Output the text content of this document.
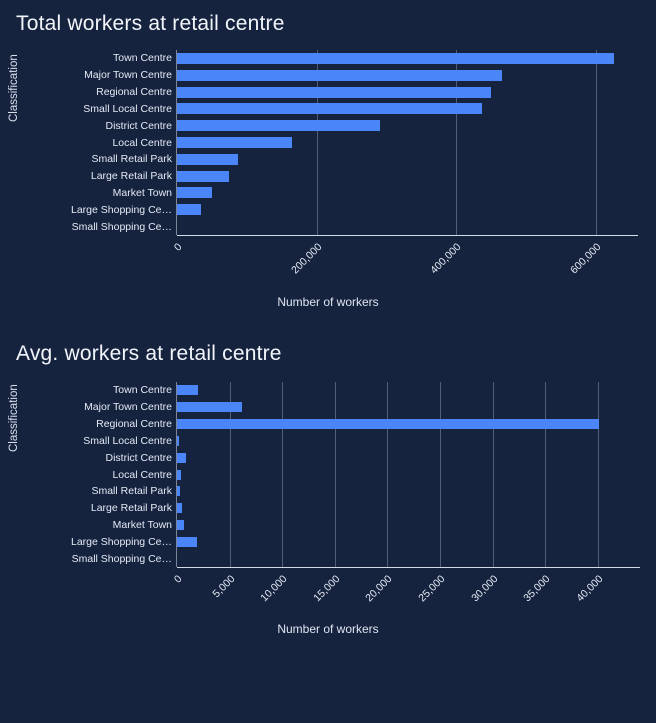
Total workers at retail centre
Classification	Town Centre
Major Town Centre
Regional Centre
Small Local Centre
District Centre
Local Centre
Small Retail Park
Large Retail Park
Market Town
Large Shopping Ce…
Small Shopping Ce…
0	200,000	400,000	600,000
Number of workers
Avg. workers at retail centre
Classification	Town Centre
Major Town Centre
Regional Centre
Small Local Centre
District Centre
Local Centre
Small Retail Park
Large Retail Park
Market Town
Large Shopping Ce…
Small Shopping Ce…
0	5,000	10,000	15,000	20,000	25,000	30,000	35,000	40,000
Number of workers
